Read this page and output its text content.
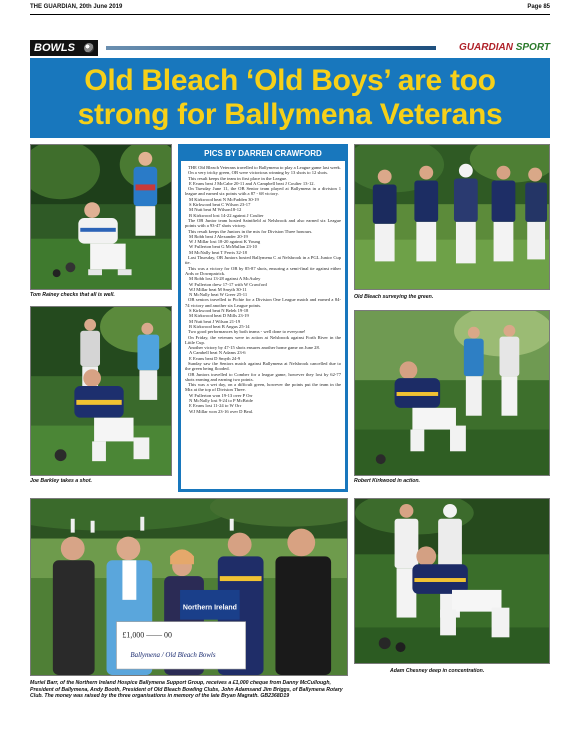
THE GUARDIAN, 20th June 2019	Page 85
BOWLS	GUARDIAN SPORT
Old Bleach ‘Old Boys’ are too
strong for Ballymena Veterans
Tom Rainey checks that all is well.
Joe Barkley takes a shot.
PICS BY DARREN CRAWFORD

THE Old Bleach Veterans travelled to Ballymena to play a League game last week.

On a very tricky green, OB were victorious winning by 13 shots to 12 shots.

This result keeps the team in first place in the League.

E Evans beat J McCabe 20-11 and A Campbell beat J Coulter 13-12.

On Tuesday June 11, the OB Senior team played at Ballymena in a division 1 league and earned six points with a 87 - 68 victory.

M Kirkwood beat N McFadden 30-19

S Kirkwood beat C Wilson 23-17

M Nutt beat M Wilson18-12

B Kirkwood lost 14-22 against J Coulter

The OB Junior team hosted Saintfield at Nelsbrook and also earned six League points with a 93-47 shots victory.

This result keeps the Juniors in the mix for Division Three honours.

M Robb beat J Alexander 20-19

W J Millar lost 18-20 against K Young

W Fullerton beat G McMullan 23-10

M McNally beat T Ferris 32-18

Last Thursday, OB Juniors hosted Ballymena C at Nelsbrook in a PGL Junior Cup tie.

This was a victory for OB by 85-87 shots, ensuring a semi-final tie against either Ards or Downpatrick.

M Robb lost 13-28 against A McAuley

W Fullerton drew 17-17 with W Crawford

WJ Millar beat M Smyth 30-11

N McNally beat W Greer 25-11

OB seniors travelled to Pichie for a Division One League match and earned a 84-74 victory and another six League points.

S Kirkwood beat N Beleh 19-18

M Kirkwood beat D Mills 23-19

M Nutt beat J Wilson 21-19

B Kirkwood beat B Angus 25-14

Two good performances by both teams - well done to everyone!

On Friday, the veterans were in action at Nelsbrook against Forth River in the Little Cup.

Another victory by 47-15 shots ensures another home game on June 28.

A Cambell beat N Adams 23-6

E Evans beat D Smyth 24-9

Sunday saw the Seniors match against Ballymena at Nelsbrook cancelled due to the green being flooded.

OB Juniors travelled to Comber for a league game, however they lost by 62-77 shots earning and earning two points.

This was a wet day, on a difficult green, however the points put the team in the Mix at the top of Division Three.

W Fullerton won 19-13 over P Orr

N McNally lost 9-24 to P McBride

E Evans lost 11-24 to W Orr

WJ Millar won 23-16 over D Beal.

Old Bleach surveying the green.
Robert Kirkwood in action.
Northern Ireland
£1,000 —— 00
Ballymena / Old Bleach Bowls
Muriel Barr, of the Northern Ireland Hospice Ballymena Support Group, receives a £1,000 cheque from Danny McCullough, President of Ballymena, Andy Booth, President of Old Bleach Bowling Clubs, John Adamsand Jim Briggs, of Ballymena Rotary Club. The money was raised by the three organisations in memory of the late Bryan Magrath. GB2368D19
Adam Chesney deep in concentration.
